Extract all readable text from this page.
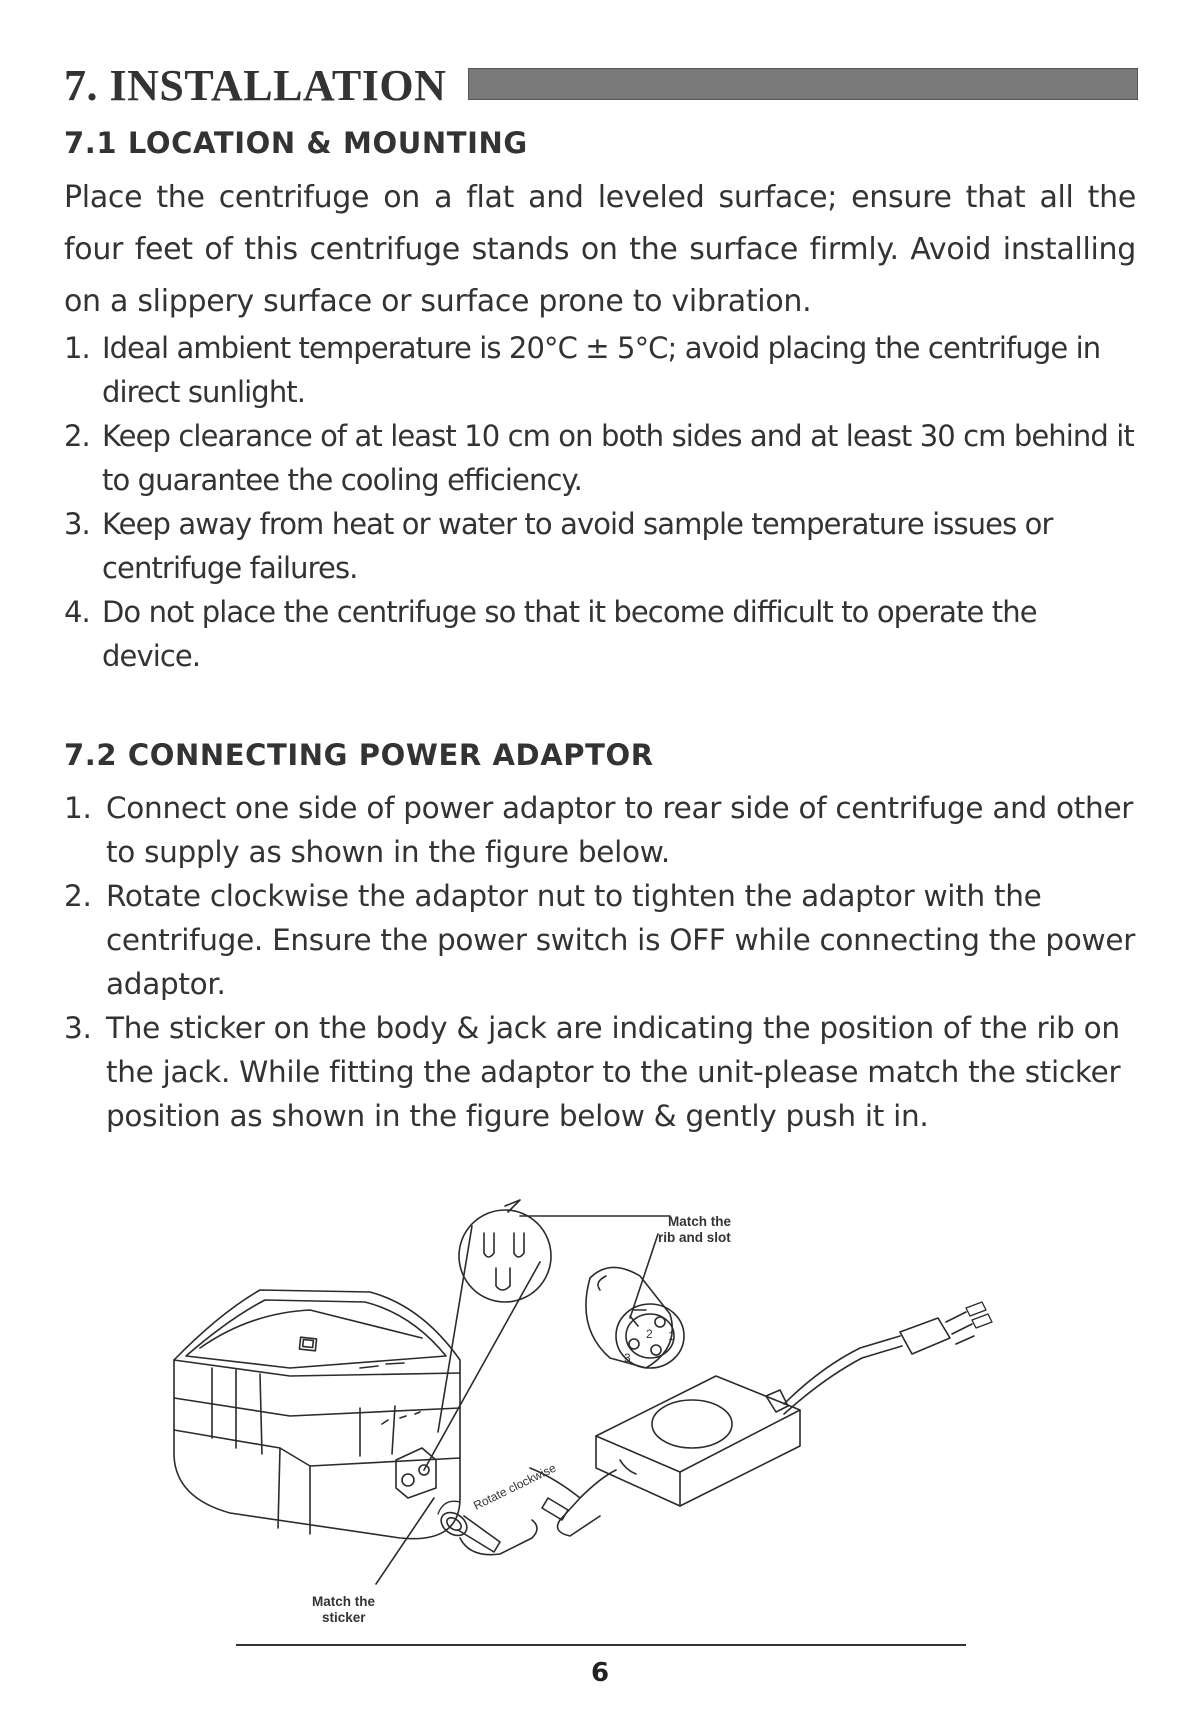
7. INSTALLATION
7.1 LOCATION & MOUNTING

Place the centrifuge on a flat and leveled surface; ensure that all the four feet of this centrifuge stands on the surface firmly. Avoid installing on a slippery surface or surface prone to vibration.

1. Ideal ambient temperature is 20°C ± 5°C; avoid placing the centrifuge in direct sunlight.
2. Keep clearance of at least 10 cm on both sides and at least 30 cm behind it to guarantee the cooling efficiency.
3. Keep away from heat or water to avoid sample temperature issues or centrifuge failures.
4. Do not place the centrifuge so that it become difficult to operate the device.
7.2 CONNECTING POWER ADAPTOR
1. Connect one side of power adaptor to rear side of centrifuge and other to supply as shown in the figure below.
2. Rotate clockwise the adaptor nut to tighten the adaptor with the centrifuge. Ensure the power switch is OFF while connecting the power adaptor.
3. The sticker on the body & jack are indicating the position of the rib on the jack. While fitting the adaptor to the unit-please match the sticker position as shown in the figure below & gently push it in.
3
2 1
Rotate clockwise
Match the
rib and slot
Match the
sticker
6
